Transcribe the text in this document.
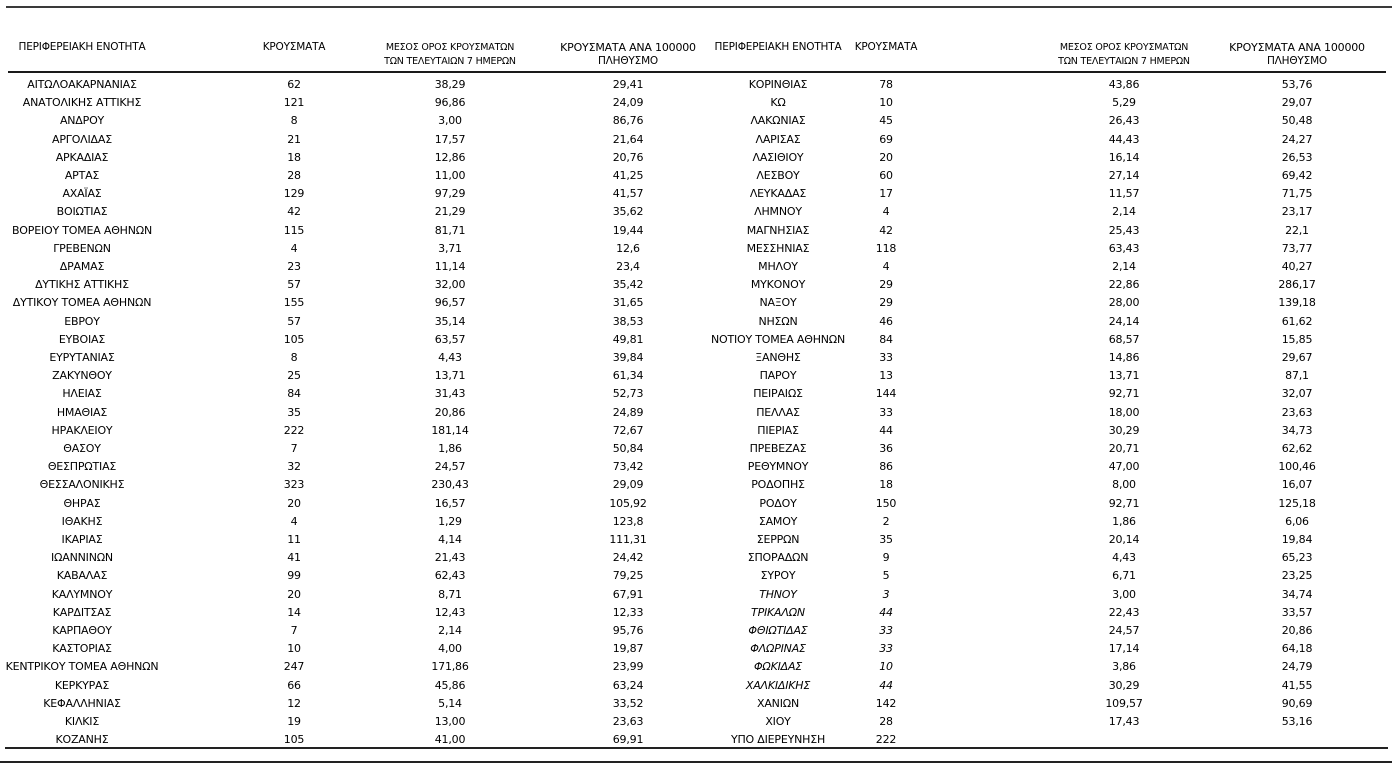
ΠΕΡΙΦΕΡΕΙΑΚΗ ΕΝΟΤΗΤΑ	ΚΡΟΥΣΜΑΤΑ	ΜΕΣΟΣ ΟΡΟΣ ΚΡΟΥΣΜΑΤΩΝ
ΤΩΝ ΤΕΛΕΥΤΑΙΩΝ 7 ΗΜΕΡΩΝ
ΚΡΟΥΣΜΑΤΑ ΑΝΑ 100000
ΠΛΗΘΥΣΜΟ
ΠΕΡΙΦΕΡΕΙΑΚΗ ΕΝΟΤΗΤΑ	ΚΡΟΥΣΜΑΤΑ	ΜΕΣΟΣ ΟΡΟΣ ΚΡΟΥΣΜΑΤΩΝ
ΤΩΝ ΤΕΛΕΥΤΑΙΩΝ 7 ΗΜΕΡΩΝ
ΚΡΟΥΣΜΑΤΑ ΑΝΑ 100000
ΠΛΗΘΥΣΜΟ
ΑΙΤΩΛΟΑΚΑΡΝΑΝΙΑΣ	62	38,29	29,41	ΚΟΡΙΝΘΙΑΣ	78	43,86	53,76
ΑΝΑΤΟΛΙΚΗΣ ΑΤΤΙΚΗΣ	121	96,86	24,09	ΚΩ	10	5,29	29,07
ΑΝΔΡΟΥ	8	3,00	86,76	ΛΑΚΩΝΙΑΣ	45	26,43	50,48
ΑΡΓΟΛΙΔΑΣ	21	17,57	21,64	ΛΑΡΙΣΑΣ	69	44,43	24,27
ΑΡΚΑΔΙΑΣ	18	12,86	20,76	ΛΑΣΙΘΙΟΥ	20	16,14	26,53
ΑΡΤΑΣ	28	11,00	41,25	ΛΕΣΒΟΥ	60	27,14	69,42
ΑΧΑΪΑΣ	129	97,29	41,57	ΛΕΥΚΑΔΑΣ	17	11,57	71,75
ΒΟΙΩΤΙΑΣ	42	21,29	35,62	ΛΗΜΝΟΥ	4	2,14	23,17
ΒΟΡΕΙΟΥ ΤΟΜΕΑ ΑΘΗΝΩΝ	115	81,71	19,44	ΜΑΓΝΗΣΙΑΣ	42	25,43	22,1
ΓΡΕΒΕΝΩΝ	4	3,71	12,6	ΜΕΣΣΗΝΙΑΣ	118	63,43	73,77
ΔΡΑΜΑΣ	23	11,14	23,4	ΜΗΛΟΥ	4	2,14	40,27
ΔΥΤΙΚΗΣ ΑΤΤΙΚΗΣ	57	32,00	35,42	ΜΥΚΟΝΟΥ	29	22,86	286,17
ΔΥΤΙΚΟΥ ΤΟΜΕΑ ΑΘΗΝΩΝ	155	96,57	31,65	ΝΑΞΟΥ	29	28,00	139,18
ΕΒΡΟΥ	57	35,14	38,53	ΝΗΣΩΝ	46	24,14	61,62
ΕΥΒΟΙΑΣ	105	63,57	49,81	ΝΟΤΙΟΥ ΤΟΜΕΑ ΑΘΗΝΩΝ	84	68,57	15,85
ΕΥΡΥΤΑΝΙΑΣ	8	4,43	39,84	ΞΑΝΘΗΣ	33	14,86	29,67
ΖΑΚΥΝΘΟΥ	25	13,71	61,34	ΠΑΡΟΥ	13	13,71	87,1
ΗΛΕΙΑΣ	84	31,43	52,73	ΠΕΙΡΑΙΩΣ	144	92,71	32,07
ΗΜΑΘΙΑΣ	35	20,86	24,89	ΠΕΛΛΑΣ	33	18,00	23,63
ΗΡΑΚΛΕΙΟΥ	222	181,14	72,67	ΠΙΕΡΙΑΣ	44	30,29	34,73
ΘΑΣΟΥ	7	1,86	50,84	ΠΡΕΒΕΖΑΣ	36	20,71	62,62
ΘΕΣΠΡΩΤΙΑΣ	32	24,57	73,42	ΡΕΘΥΜΝΟΥ	86	47,00	100,46
ΘΕΣΣΑΛΟΝΙΚΗΣ	323	230,43	29,09	ΡΟΔΟΠΗΣ	18	8,00	16,07
ΘΗΡΑΣ	20	16,57	105,92	ΡΟΔΟΥ	150	92,71	125,18
ΙΘΑΚΗΣ	4	1,29	123,8	ΣΑΜΟΥ	2	1,86	6,06
ΙΚΑΡΙΑΣ	11	4,14	111,31	ΣΕΡΡΩΝ	35	20,14	19,84
ΙΩΑΝΝΙΝΩΝ	41	21,43	24,42	ΣΠΟΡΑΔΩΝ	9	4,43	65,23
ΚΑΒΑΛΑΣ	99	62,43	79,25	ΣΥΡΟΥ	5	6,71	23,25
ΚΑΛΥΜΝΟΥ	20	8,71	67,91	ΤΗΝΟΥ	3	3,00	34,74
ΚΑΡΔΙΤΣΑΣ	14	12,43	12,33	ΤΡΙΚΑΛΩΝ	44	22,43	33,57
ΚΑΡΠΑΘΟΥ	7	2,14	95,76	ΦΘΙΩΤΙΔΑΣ	33	24,57	20,86
ΚΑΣΤΟΡΙΑΣ	10	4,00	19,87	ΦΛΩΡΙΝΑΣ	33	17,14	64,18
ΚΕΝΤΡΙΚΟΥ ΤΟΜΕΑ ΑΘΗΝΩΝ	247	171,86	23,99	ΦΩΚΙΔΑΣ	10	3,86	24,79
ΚΕΡΚΥΡΑΣ	66	45,86	63,24	ΧΑΛΚΙΔΙΚΗΣ	44	30,29	41,55
ΚΕΦΑΛΛΗΝΙΑΣ	12	5,14	33,52	ΧΑΝΙΩΝ	142	109,57	90,69
ΚΙΛΚΙΣ	19	13,00	23,63	ΧΙΟΥ	28	17,43	53,16
ΚΟΖΑΝΗΣ	105	41,00	69,91	ΥΠΟ ΔΙΕΡΕΥΝΗΣΗ	222
